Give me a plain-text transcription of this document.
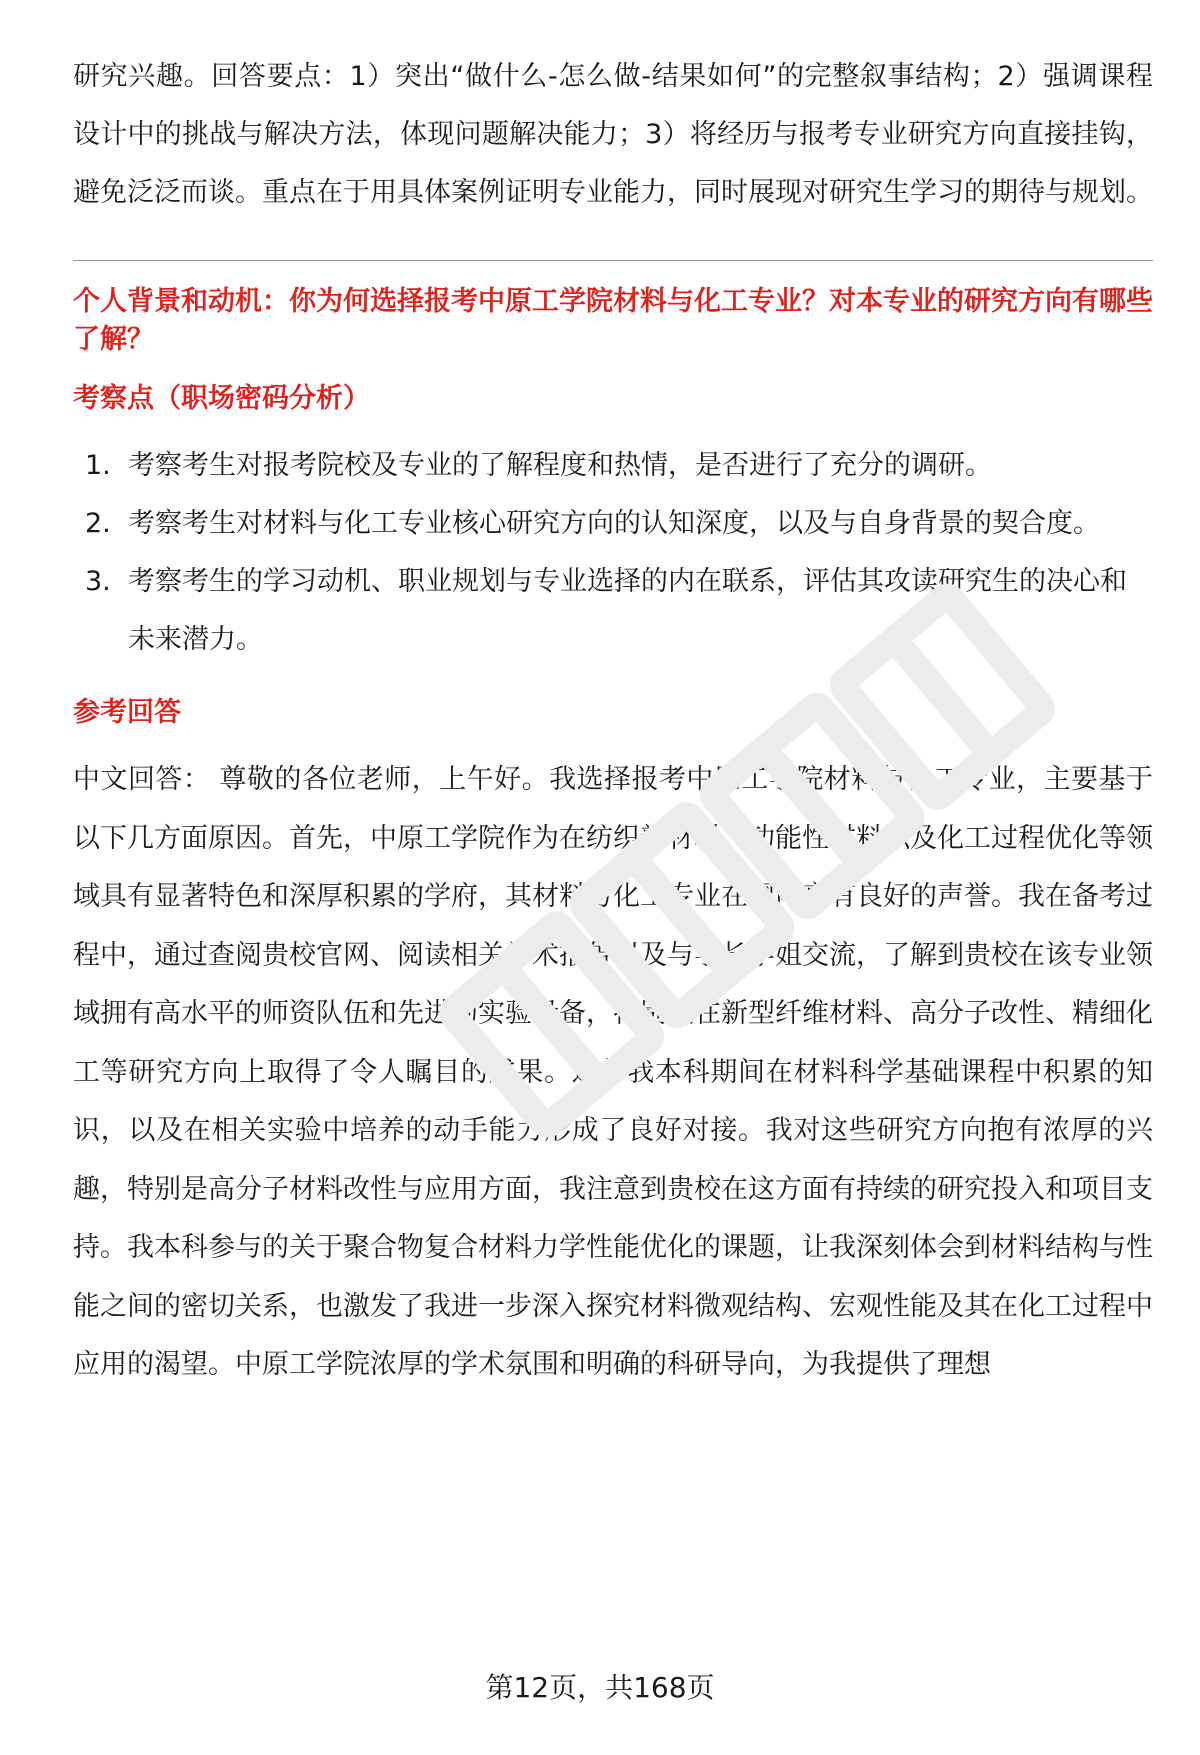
研究兴趣。回答要点：1）突出“做什么-怎么做-结果如何”的完整叙事结构；2）强调课程设计中的挑战与解决方法，体现问题解决能力；3）将经历与报考专业研究方向直接挂钩，避免泛泛而谈。重点在于用具体案例证明专业能力，同时展现对研究生学习的期待与规划。

个人背景和动机：你为何选择报考中原工学院材料与化工专业？对本专业的研究方向有哪些了解？

考察点（职场密码分析）

1. 考察考生对报考院校及专业的了解程度和热情，是否进行了充分的调研。
2. 考察考生对材料与化工专业核心研究方向的认知深度，以及与自身背景的契合度。
3. 考察考生的学习动机、职业规划与专业选择的内在联系，评估其攻读研究生的决心和未来潜力。

参考回答

中文回答： 尊敬的各位老师，上午好。我选择报考中原工学院材料与化工专业，主要基于以下几方面原因。首先，中原工学院作为在纺织新材料、功能性材料以及化工过程优化等领域具有显著特色和深厚积累的学府，其材料与化工专业在国内享有良好的声誉。我在备考过程中，通过查阅贵校官网、阅读相关学术报告以及与学长学姐交流，了解到贵校在该专业领域拥有高水平的师资队伍和先进的实验设备，特别是在新型纤维材料、高分子改性、精细化工等研究方向上取得了令人瞩目的成果。这与我本科期间在材料科学基础课程中积累的知识，以及在相关实验中培养的动手能力形成了良好对接。我对这些研究方向抱有浓厚的兴趣，特别是高分子材料改性与应用方面，我注意到贵校在这方面有持续的研究投入和项目支持。我本科参与的关于聚合物复合材料力学性能优化的课题，让我深刻体会到材料结构与性能之间的密切关系，也激发了我进一步深入探究材料微观结构、宏观性能及其在化工过程中应用的渴望。中原工学院浓厚的学术氛围和明确的科研导向，为我提供了理想

第12页，共168页
